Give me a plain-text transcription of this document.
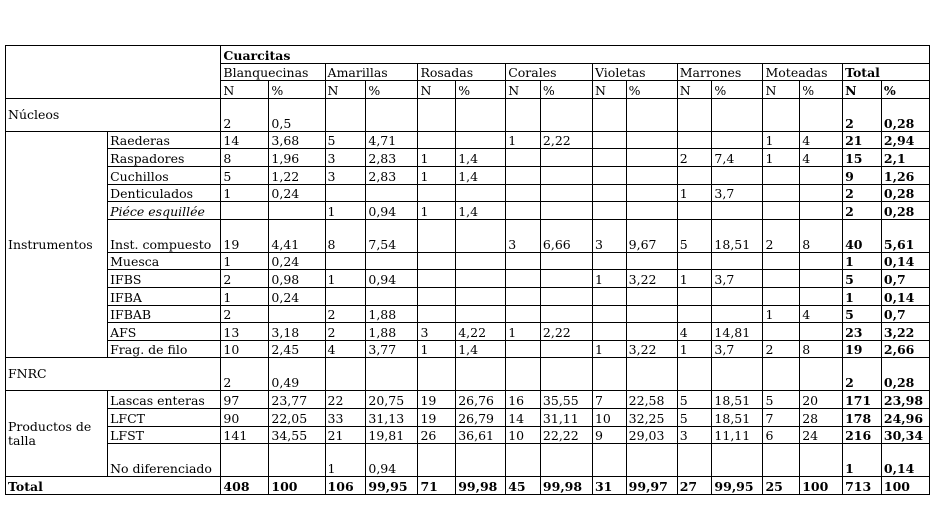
		Cuarcitas															
		Blanquecinas		Amarillas		Rosadas		Corales		Violetas		Marrones		Moteadas		Total	
		N	%	N	%	N	%	N	%	N	%	N	%	N	%	N	%
Núcleos		2	0,5													2	0,28
Instrumentos	Raederas	14	3,68	5	4,71			1	2,22					1	4	21	2,94
	Raspadores	8	1,96	3	2,83	1	1,4					2	7,4	1	4	15	2,1
	Cuchillos	5	1,22	3	2,83	1	1,4									9	1,26
	Denticulados	1	0,24									1	3,7			2	0,28
	Piéce esquillée			1	0,94	1	1,4									2	0,28
	Inst. compuesto	19	4,41	8	7,54			3	6,66	3	9,67	5	18,51	2	8	40	5,61
	Muesca	1	0,24													1	0,14
	IFBS	2	0,98	1	0,94					1	3,22	1	3,7			5	0,7
	IFBA	1	0,24													1	0,14
	IFBAB	2		2	1,88									1	4	5	0,7
	AFS	13	3,18	2	1,88	3	4,22	1	2,22			4	14,81			23	3,22
	Frag. de filo	10	2,45	4	3,77	1	1,4			1	3,22	1	3,7	2	8	19	2,66
FNRC		2	0,49													2	0,28
Productos de talla	Lascas enteras	97	23,77	22	20,75	19	26,76	16	35,55	7	22,58	5	18,51	5	20	171	23,98
	LFCT	90	22,05	33	31,13	19	26,79	14	31,11	10	32,25	5	18,51	7	28	178	24,96
	LFST	141	34,55	21	19,81	26	36,61	10	22,22	9	29,03	3	11,11	6	24	216	30,34
	No diferenciado			1	0,94											1	0,14
Total		408	100	106	99,95	71	99,98	45	99,98	31	99,97	27	99,95	25	100	713	100
